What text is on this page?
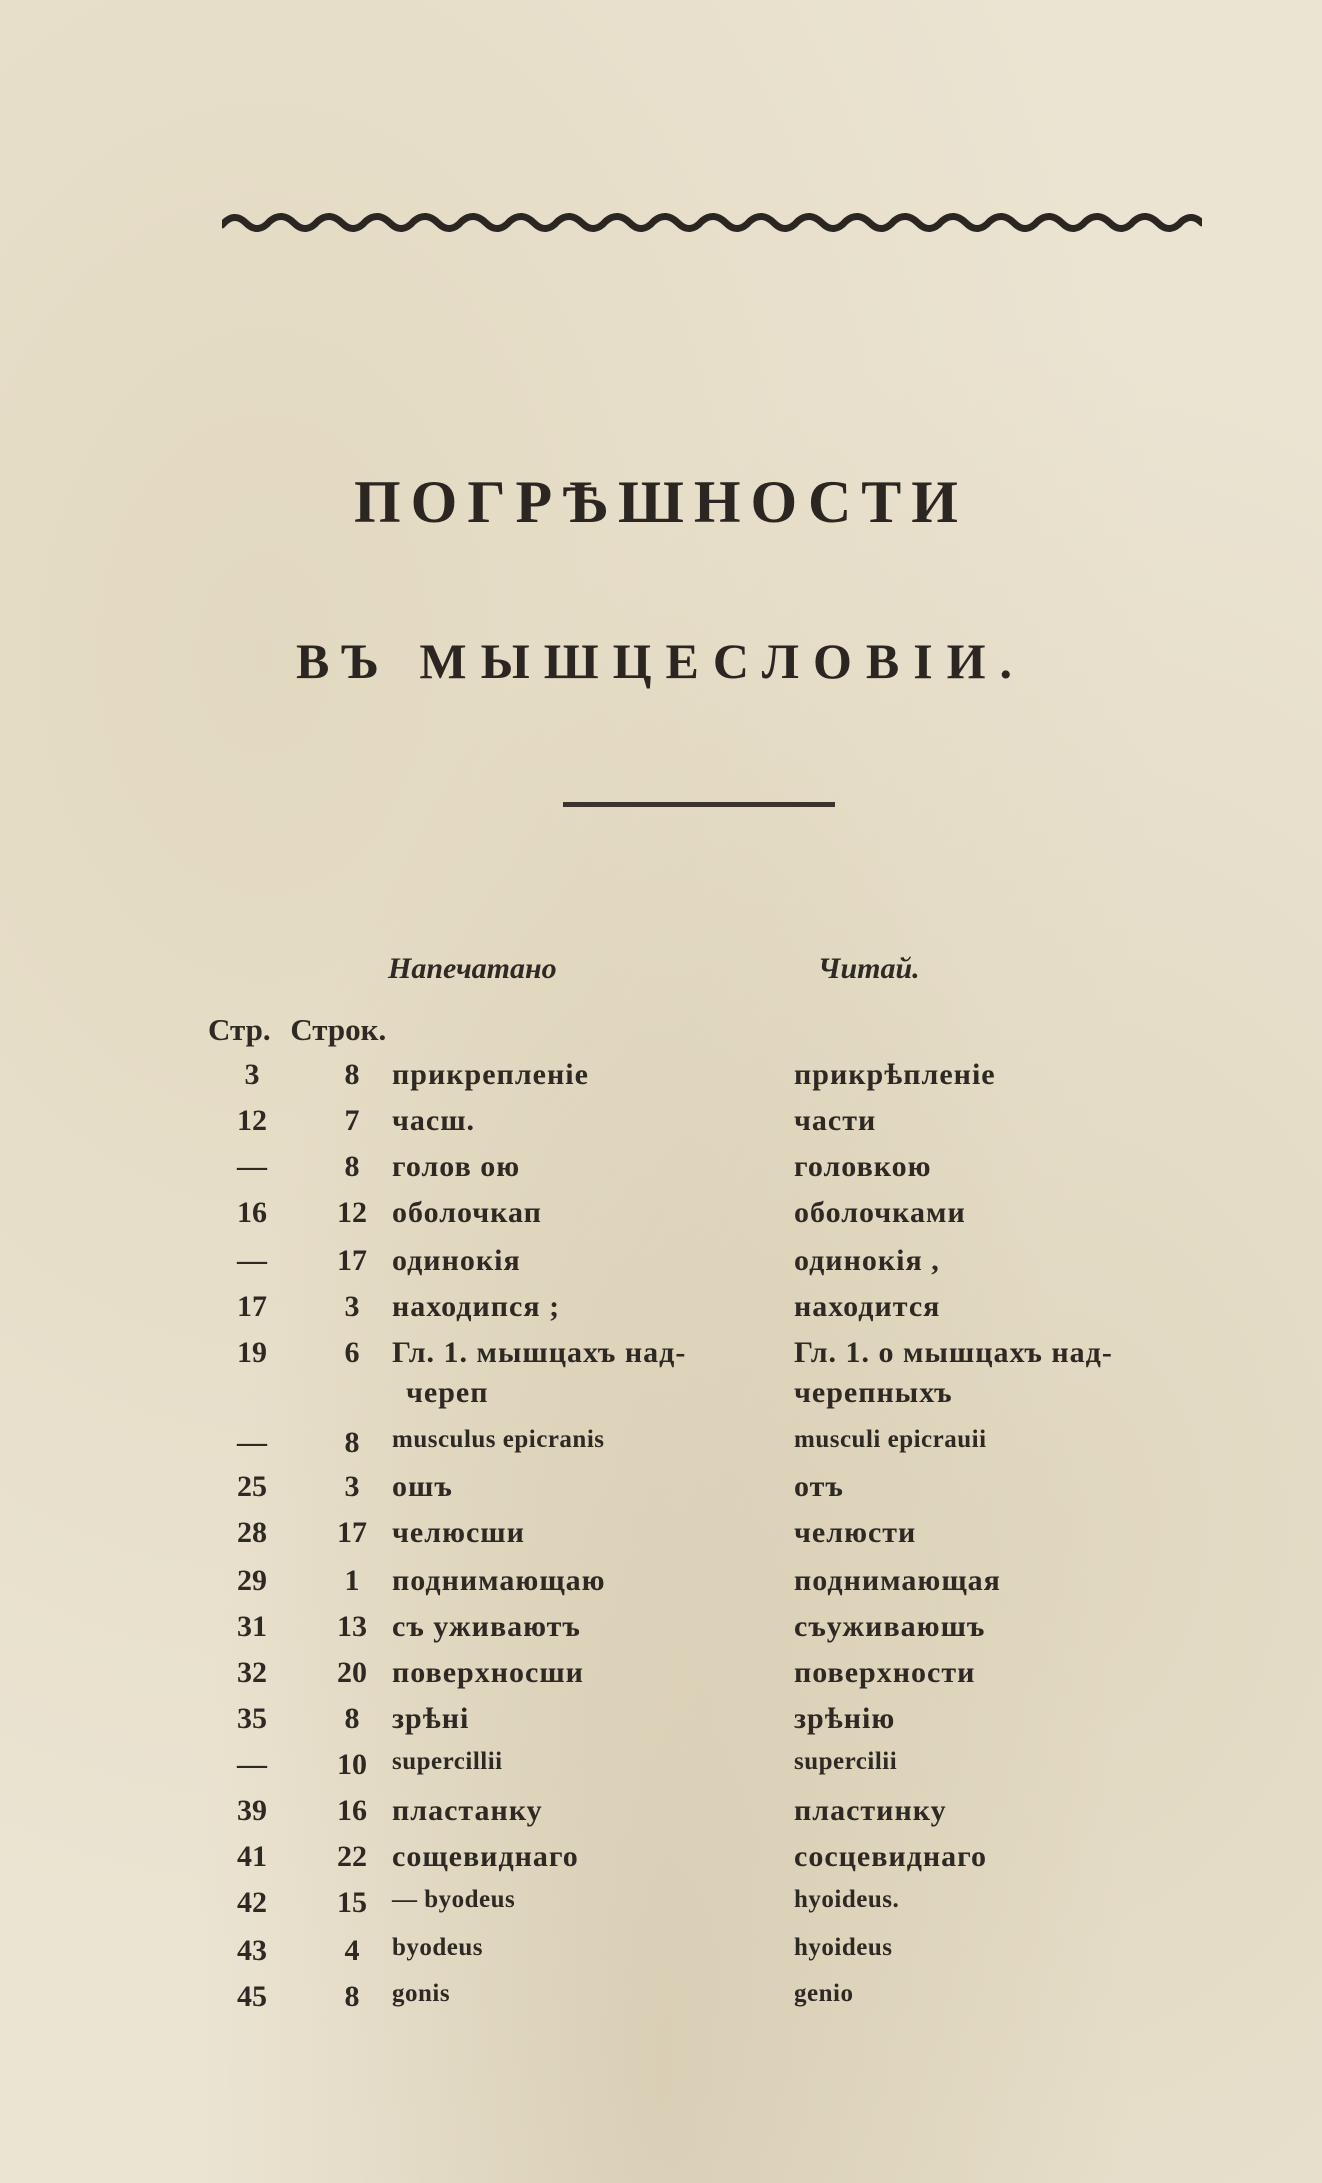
ПОГРѢШНОСТИ
ВЪ МЫШЦЕСЛОВІИ.
Напечатано	Читай.
Стр. Строк.
3	8	прикрепленіе	прикрѣпленіе
12	7	часш.	части
—	8	голов ою	головкою
16	12 оболочкап	оболочками
—	17 одинокія	одинокія ,
17	3	находипся ;	находится
19	6	Гл. 1. мышцахъ над-	Гл. 1. о мышцахъ над-
череп	черепныхъ
—	8	musculus epicranis	musculi epicrauii
25	3	ошъ	отъ
28	17 челюсши	челюсти
29	1	поднимающаю	поднимающая
31	13 съ уживаютъ	съуживаюшъ
32	20 поверхносши	поверхности
35	8	зрѣні	зрѣнію
—	10	supercillii	supercilii
39	16 пластанку	пластинку
41	22 сощевиднаго	сосцевиднаго
42	15	— byodeus	hyoideus.
43	4	byodeus	hyoideus
45	8	gonis	genio
